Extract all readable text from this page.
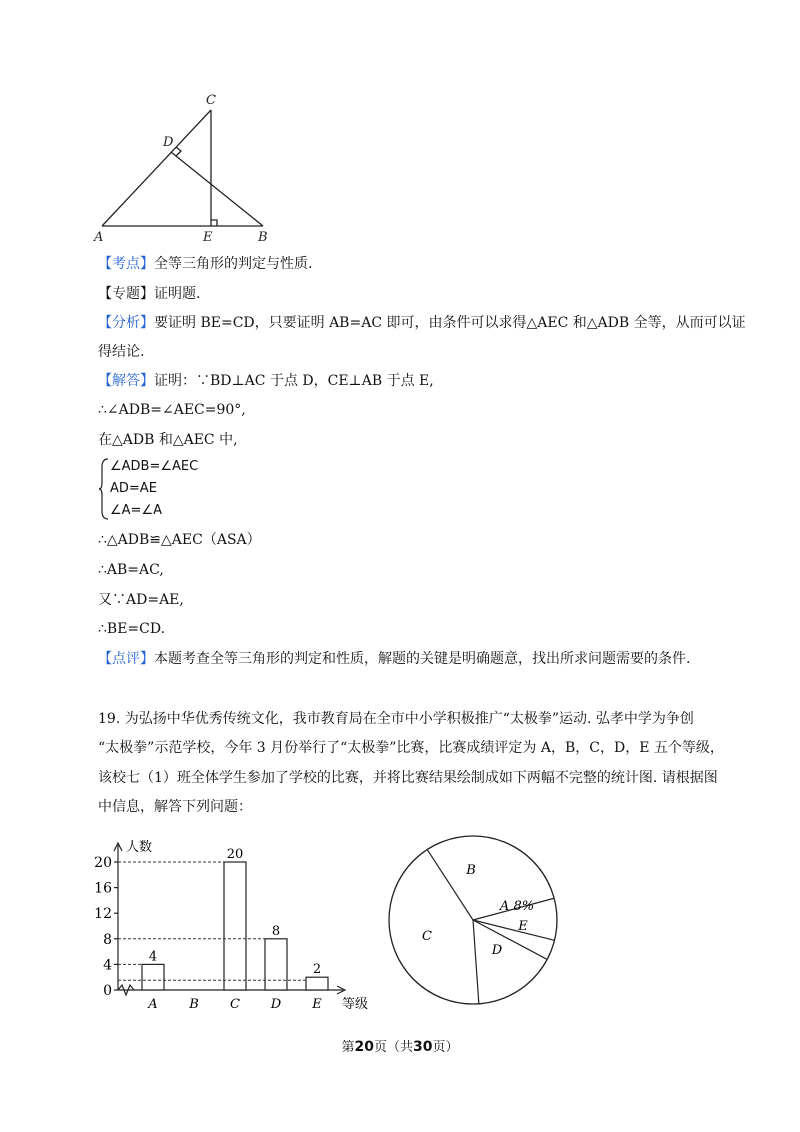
C
D
A	E	B
【考点】全等三角形的判定与性质.
【专题】证明题.
【分析】要证明 BE=CD，只要证明 AB=AC 即可，由条件可以求得△AEC 和△ADB 全等，从而可以证
得结论.
【解答】证明：∵BD⊥AC 于点 D，CE⊥AB 于点 E,
∴∠ADB=∠AEC=90°,
在△ADB 和△AEC 中,
∠ADB=∠AEC
AD=AE
∠A=∠A
∴△ADB≌△AEC（ASA）
∴AB=AC,
又∵AD=AE,
∴BE=CD.
【点评】本题考查全等三角形的判定和性质，解题的关键是明确题意，找出所求问题需要的条件.
19. 为弘扬中华优秀传统文化，我市教育局在全市中小学积极推广“太极拳”运动. 弘孝中学为争创
“太极拳”示范学校，今年 3 月份举行了“太极拳”比赛，比赛成绩评定为 A，B，C，D，E 五个等级，
该校七（1）班全体学生参加了学校的比赛，并将比赛结果绘制成如下两幅不完整的统计图. 请根据图
中信息，解答下列问题：
0
4
8
12
16
20
4
A B
20
C
8
D
2
E
人数
等级
B
A 8%
E
D
C
第20页（共30页）
